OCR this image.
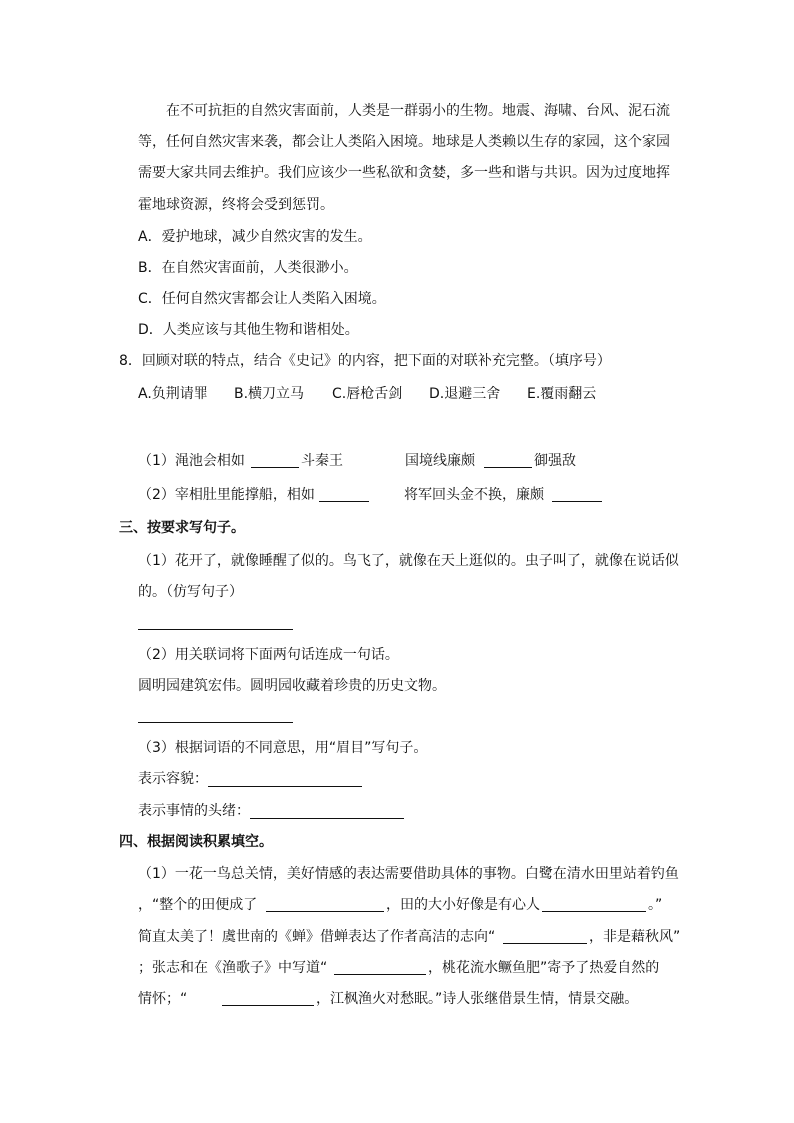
在不可抗拒的自然灾害面前，人类是一群弱小的生物。地震、海啸、台风、泥石流
等，任何自然灾害来袭，都会让人类陷入困境。地球是人类赖以生存的家园，这个家园
需要大家共同去维护。我们应该少一些私欲和贪婪，多一些和谐与共识。因为过度地挥
霍地球资源，终将会受到惩罚。
A．爱护地球，减少自然灾害的发生。
B．在自然灾害面前，人类很渺小。
C．任何自然灾害都会让人类陷入困境。
D．人类应该与其他生物和谐相处。
8．回顾对联的特点，结合《史记》的内容，把下面的对联补充完整。（填序号）
A.负荆请罪 B.横刀立马 C.唇枪舌剑 D.退避三舍 E.覆雨翻云
（1）渑池会相如	斗秦王	国境线廉颇	御强敌
（2）宰相肚里能撑船，相如	将军回头金不换，廉颇
三、按要求写句子。
（1）花开了，就像睡醒了似的。鸟飞了，就像在天上逛似的。虫子叫了，就像在说话似
的。（仿写句子）
（2）用关联词将下面两句话连成一句话。
圆明园建筑宏伟。圆明园收藏着珍贵的历史文物。
（3）根据词语的不同意思，用“眉目”写句子。
表示容貌：
表示事情的头绪：
四、根据阅读积累填空。
（1）一花一鸟总关情，美好情感的表达需要借助具体的事物。白鹭在清水田里站着钓鱼
，“整个的田便成了	，田的大小好像是有心人	。”
简直太美了！虞世南的《蝉》借蝉表达了作者高洁的志向“	，非是藉秋风”
；张志和在《渔歌子》中写道“	，桃花流水鳜鱼肥”寄予了热爱自然的
情怀；“	，江枫渔火对愁眠。”诗人张继借景生情，情景交融。
